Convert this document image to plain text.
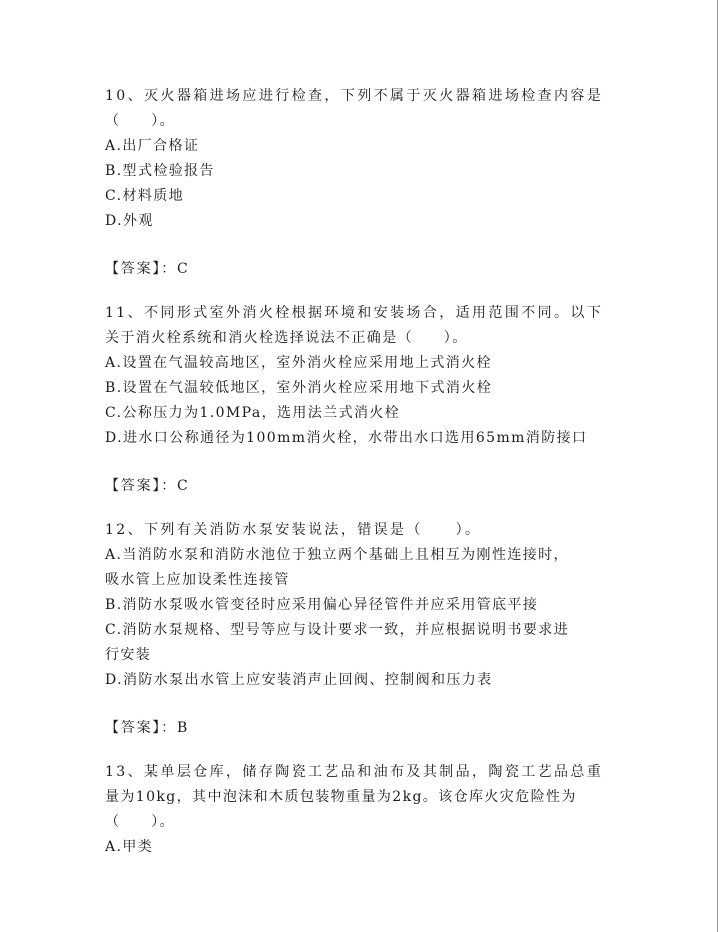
10、灭火器箱进场应进行检查，下列不属于灭火器箱进场检查内容是
（　　）。
A.出厂合格证
B.型式检验报告
C.材料质地
D.外观
【答案】：C
11、不同形式室外消火栓根据环境和安装场合，适用范围不同。以下
关于消火栓系统和消火栓选择说法不正确是（　　）。
A.设置在气温较高地区，室外消火栓应采用地上式消火栓
B.设置在气温较低地区，室外消火栓应采用地下式消火栓
C.公称压力为1.0MPa，选用法兰式消火栓
D.进水口公称通径为100mm消火栓，水带出水口选用65mm消防接口
【答案】：C
12、下列有关消防水泵安装说法，错误是（　　）。
A.当消防水泵和消防水池位于独立两个基础上且相互为刚性连接时，
吸水管上应加设柔性连接管
B.消防水泵吸水管变径时应采用偏心异径管件并应采用管底平接
C.消防水泵规格、型号等应与设计要求一致，并应根据说明书要求进
行安装
D.消防水泵出水管上应安装消声止回阀、控制阀和压力表
【答案】：B
13、某单层仓库，储存陶瓷工艺品和油布及其制品，陶瓷工艺品总重
量为10kg，其中泡沫和木质包装物重量为2kg。该仓库火灾危险性为
（　　）。
A.甲类
